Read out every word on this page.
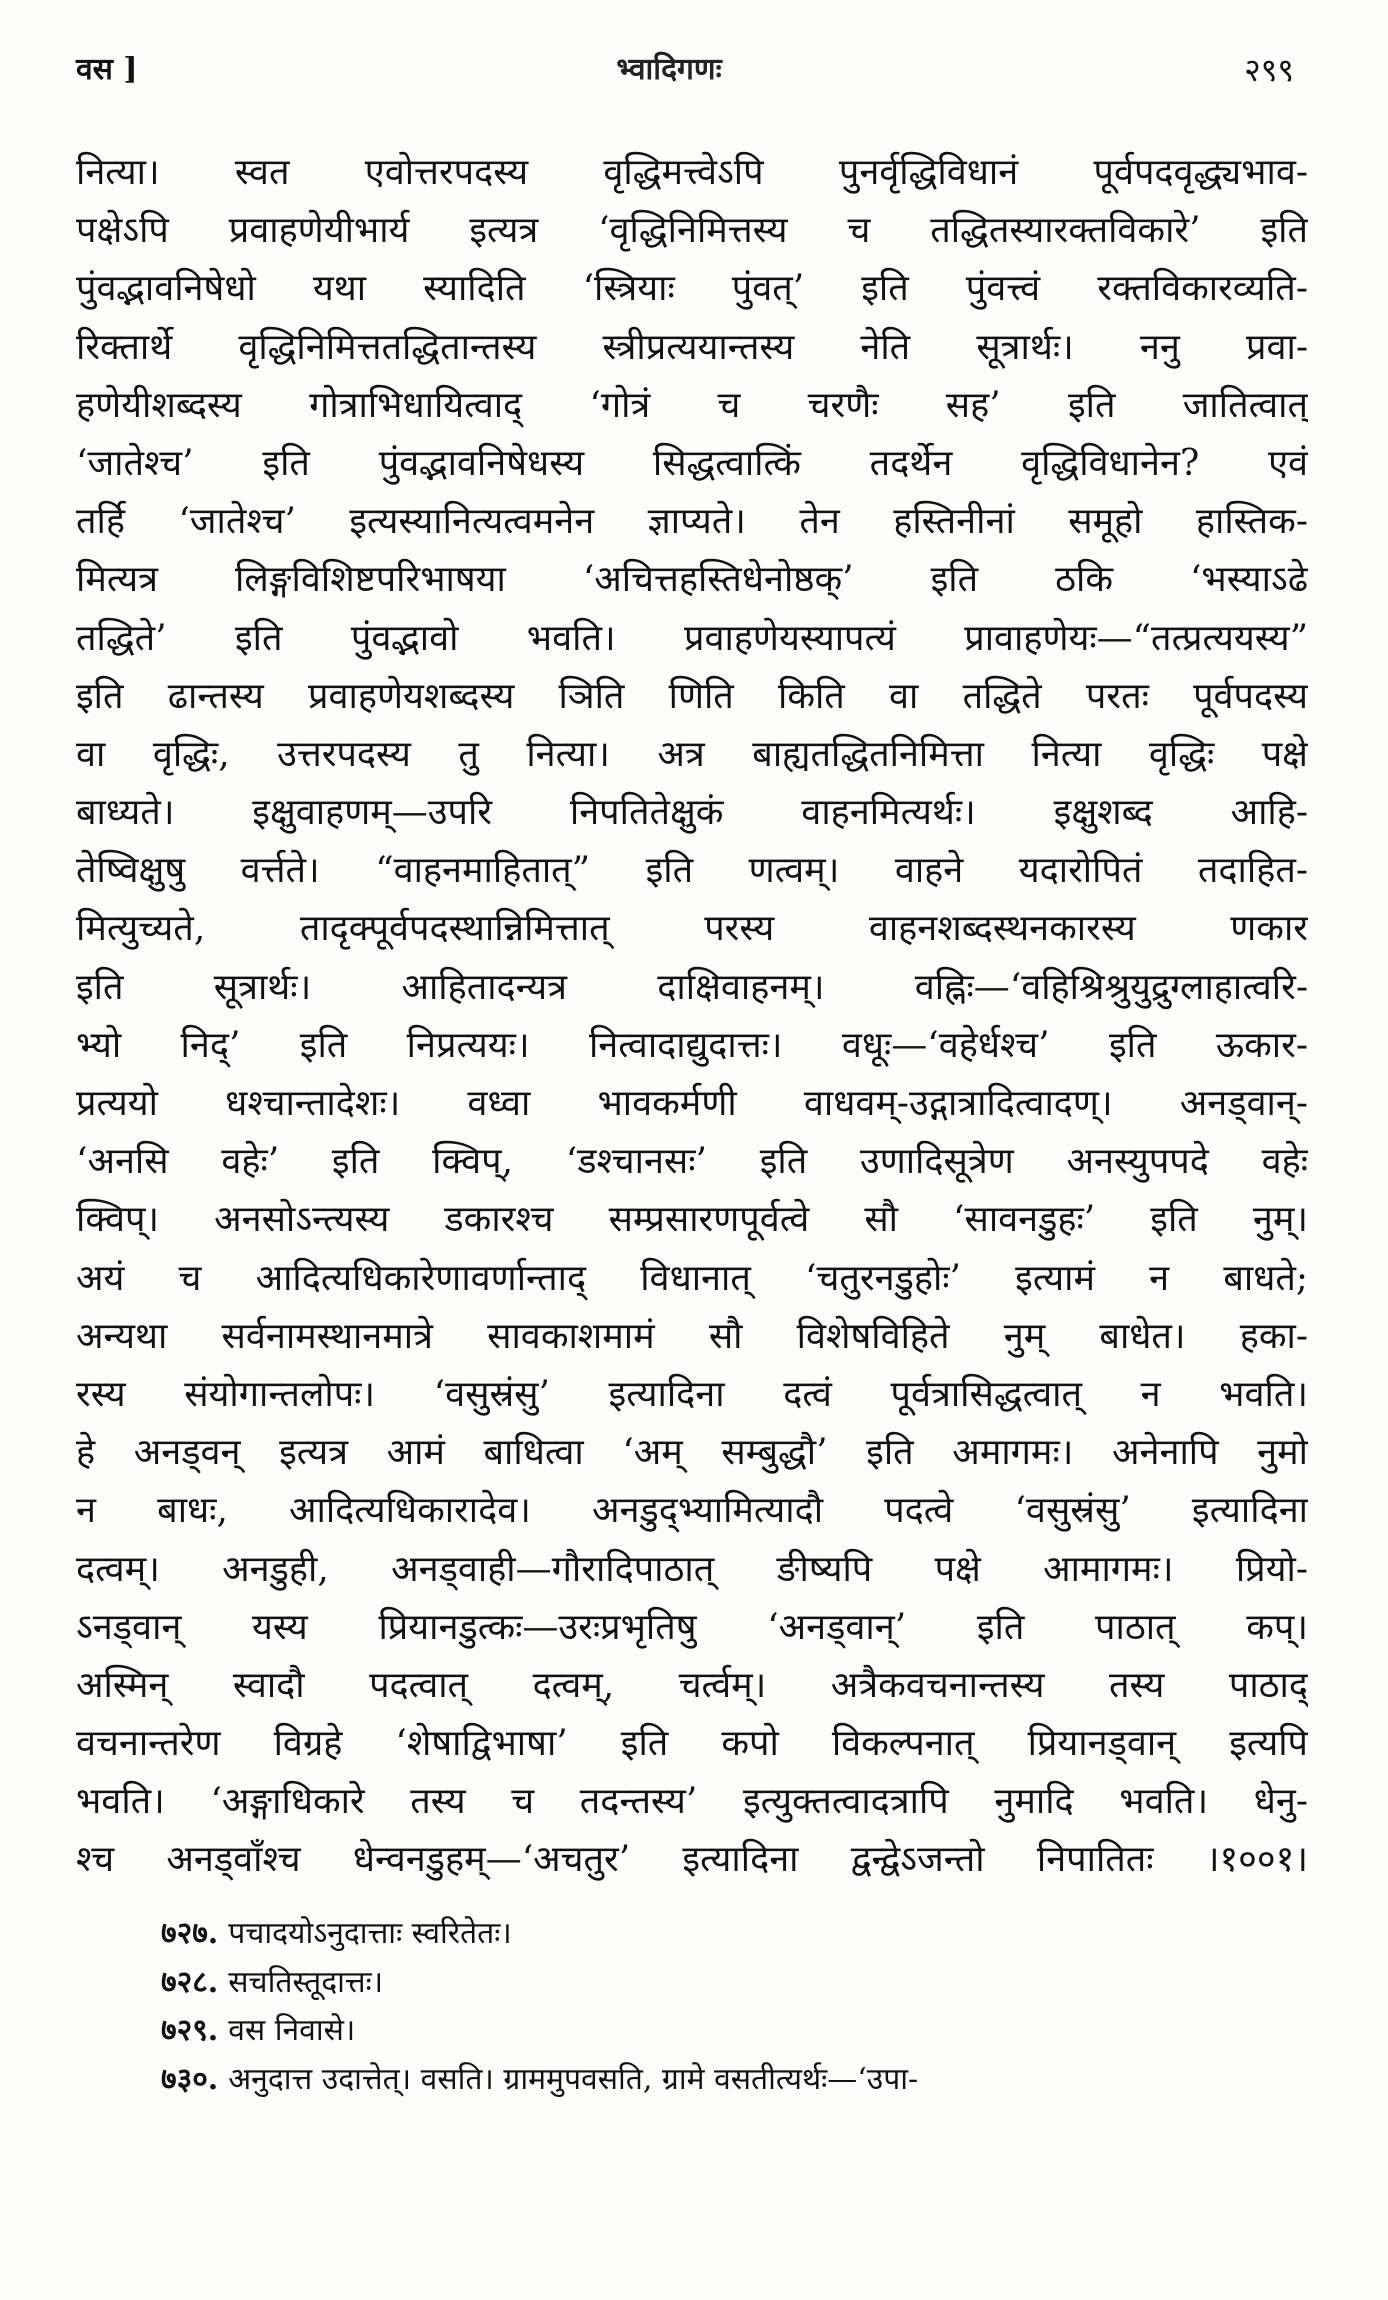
वस ]	भ्वादिगणः	२९९
नित्या। स्वत एवोत्तरपदस्य वृद्धिमत्त्वेऽपि पुनर्वृद्धिविधानं पूर्वपदवृद्ध्यभाव-
पक्षेऽपि प्रवाहणेयीभार्य इत्यत्र ‘वृद्धिनिमित्तस्य च तद्धितस्यारक्तविकारे’ इति
पुंवद्भावनिषेधो यथा स्यादिति ‘स्त्रियाः पुंवत्’ इति पुंवत्त्वं रक्तविकारव्यति-
रिक्तार्थे वृद्धिनिमित्ततद्धितान्तस्य स्त्रीप्रत्ययान्तस्य नेति सूत्रार्थः। ननु प्रवा-
हणेयीशब्दस्य गोत्राभिधायित्वाद् ‘गोत्रं च चरणैः सह’ इति जातित्वात्
‘जातेश्च’ इति पुंवद्भावनिषेधस्य सिद्धत्वात्किं तदर्थेन वृद्धिविधानेन? एवं
तर्हि ‘जातेश्च’ इत्यस्यानित्यत्वमनेन ज्ञाप्यते। तेन हस्तिनीनां समूहो हास्तिक-
मित्यत्र लिङ्गविशिष्टपरिभाषया ‘अचित्तहस्तिधेनोष्ठक्’ इति ठकि ‘भस्याऽढे
तद्धिते’ इति पुंवद्भावो भवति। प्रवाहणेयस्यापत्यं प्रावाहणेयः—“तत्प्रत्ययस्य”
इति ढान्तस्य प्रवाहणेयशब्दस्य ञिति णिति किति वा तद्धिते परतः पूर्वपदस्य
वा वृद्धिः, उत्तरपदस्य तु नित्या। अत्र बाह्यतद्धितनिमित्ता नित्या वृद्धिः पक्षे
बाध्यते। इक्षुवाहणम्—उपरि निपतितेक्षुकं वाहनमित्यर्थः। इक्षुशब्द आहि-
तेष्विक्षुषु वर्त्तते। “वाहनमाहितात्” इति णत्वम्। वाहने यदारोपितं तदाहित-
मित्युच्यते, तादृक्पूर्वपदस्थान्निमित्तात् परस्य वाहनशब्दस्थनकारस्य णकार
इति सूत्रार्थः। आहितादन्यत्र दाक्षिवाहनम्। वह्निः—‘वहिश्रिश्रुयुद्रुग्लाहात्वरि-
भ्यो निद्’ इति निप्रत्ययः। नित्वादाद्युदात्तः। वधूः—‘वहेर्धश्च’ इति ऊकार-
प्रत्ययो धश्चान्तादेशः। वध्वा भावकर्मणी वाधवम्-उद्गात्रादित्वादण्। अनड्वान्-
‘अनसि वहेः’ इति क्विप्, ‘डश्चानसः’ इति उणादिसूत्रेण अनस्युपपदे वहेः
क्विप्। अनसोऽन्त्यस्य डकारश्च सम्प्रसारणपूर्वत्वे सौ ‘सावनडुहः’ इति नुम्।
अयं च आदित्यधिकारेणावर्णान्ताद् विधानात् ‘चतुरनडुहोः’ इत्यामं न बाधते;
अन्यथा सर्वनामस्थानमात्रे सावकाशमामं सौ विशेषविहिते नुम् बाधेत। हका-
रस्य संयोगान्तलोपः। ‘वसुस्रंसु’ इत्यादिना दत्वं पूर्वत्रासिद्धत्वात् न भवति।
हे अनड्वन् इत्यत्र आमं बाधित्वा ‘अम् सम्बुद्धौ’ इति अमागमः। अनेनापि नुमो
न बाधः, आदित्यधिकारादेव। अनडुद्भ्यामित्यादौ पदत्वे ‘वसुस्रंसु’ इत्यादिना
दत्वम्। अनडुही, अनड्वाही—गौरादिपाठात् ङीष्यपि पक्षे आमागमः। प्रियो-
ऽनड्वान् यस्य प्रियानडुत्कः—उरःप्रभृतिषु ‘अनड्वान्’ इति पाठात् कप्।
अस्मिन् स्वादौ पदत्वात् दत्वम्, चर्त्वम्। अत्रैकवचनान्तस्य तस्य पाठाद्
वचनान्तरेण विग्रहे ‘शेषाद्विभाषा’ इति कपो विकल्पनात् प्रियानड्वान् इत्यपि
भवति। ‘अङ्गाधिकारे तस्य च तदन्तस्य’ इत्युक्तत्वादत्रापि नुमादि भवति। धेनु-
श्च अनड्वाँश्च धेन्वनडुहम्—‘अचतुर’ इत्यादिना द्वन्द्वेऽजन्तो निपातितः ।१००१।
७२७. पचादयोऽनुदात्ताः स्वरितेतः।
७२८. सचतिस्तूदात्तः।
७२९. वस निवासे।
७३०. अनुदात्त उदात्तेत्। वसति। ग्राममुपवसति, ग्रामे वसतीत्यर्थः—‘उपा-
